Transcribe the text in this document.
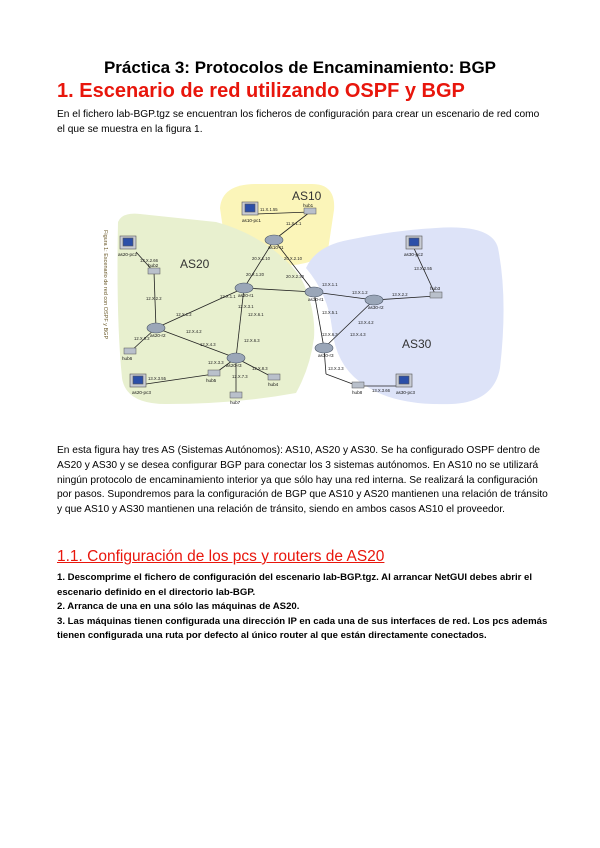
Práctica 3: Protocolos de Encaminamiento: BGP
1. Escenario de red utilizando OSPF y BGP
En el fichero lab-BGP.tgz se encuentran los ficheros de configuración para crear un escenario de red como el que se muestra en la figura 1.
Figura 1: Escenario de red con OSPF y BGP
AS10
AS20
AS30
as10-pc1
hub1
as10-r1
as20-pc2
hub2
as20-r1
as20-r2
as20-r3
hub6
hub5
hub4
hub7
as20-pc3
as30-r1
as30-r2
as30-r3
as30-pc2
hub3
hub8	as30-pc3
11.X.1.55
11.X.1.1
20.X.1.10	20.X.2.10
20.X.1.20	20.X.2.30
13.X.2.66
12.X.1.1
12.X.2.2
12.X.1.2
12.X.3.1
12.X.4.2
12.X.4.3
12.X.0.2
12.X.6.1
12.X.6.3
12.X.3.3
12.X.7.3
12.X.8.3
13.X.3.55
13.X.1.1
13.X.1.2	13.X.2.2
13.X.5.1
13.X.2.55
13.X.4.2
13.X.6.3	13.X.4.3
13.X.3.3
13.X.3.66
En esta figura hay tres AS (Sistemas Autónomos): AS10, AS20 y AS30. Se ha configurado OSPF dentro de AS20 y AS30 y se desea configurar BGP para conectar los 3 sistemas autónomos. En AS10 no se utilizará ningún protocolo de encaminamiento interior ya que sólo hay una red interna. Se realizará la configuración por pasos. Supondremos para la configuración de BGP que AS10 y AS20 mantienen una relación de tránsito y que AS10 y AS30 mantienen una relación de tránsito, siendo en ambos casos AS10 el proveedor.
1.1. Configuración de los pcs y routers de AS20
1. Descomprime el fichero de configuración del escenario lab-BGP.tgz. Al arrancar NetGUI debes abrir el escenario definido en el directorio lab-BGP.
2. Arranca de una en una sólo las máquinas de AS20.
3. Las máquinas tienen configurada una dirección IP en cada una de sus interfaces de red. Los pcs además tienen configurada una ruta por defecto al único router al que están directamente conectados.
